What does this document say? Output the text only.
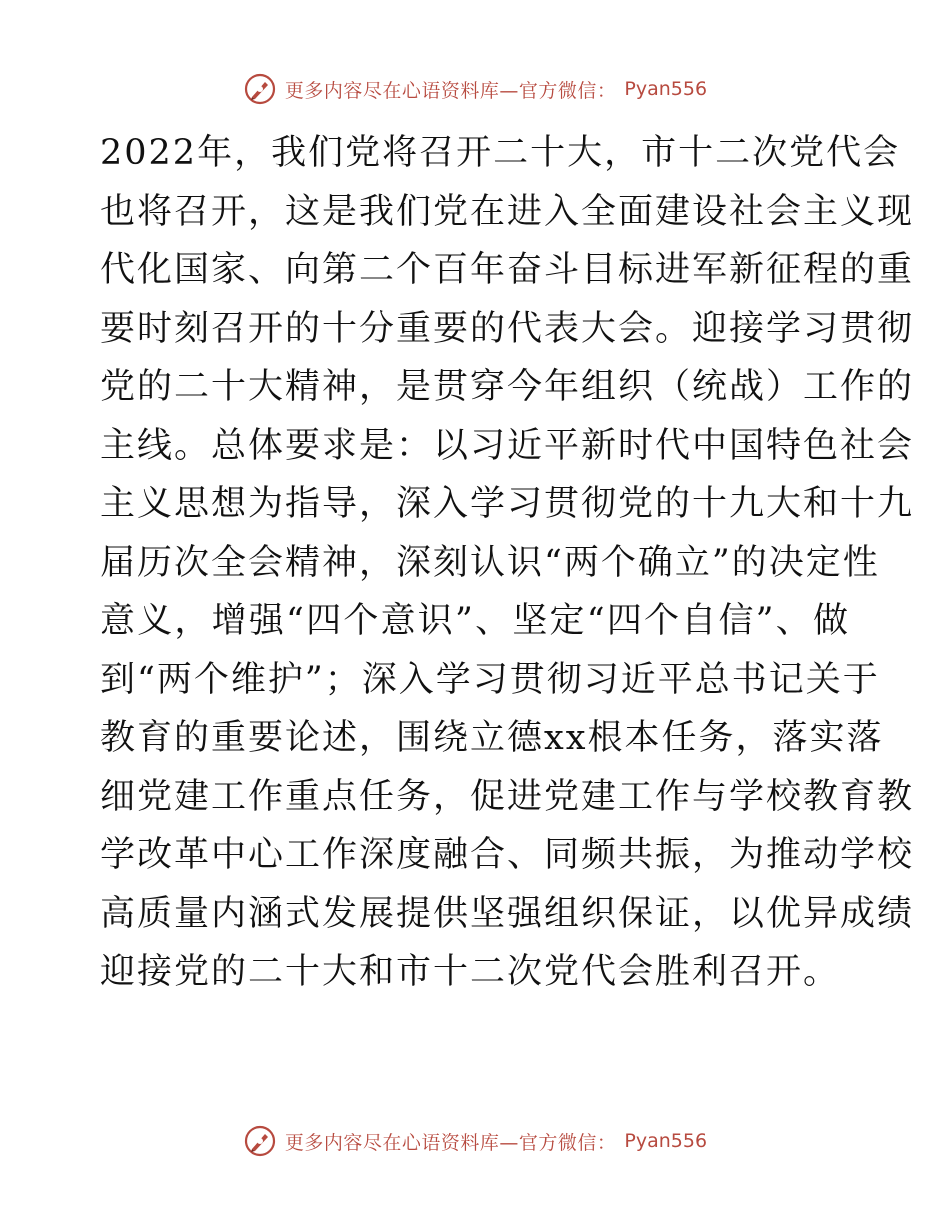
更多内容尽在心语资料库—官方微信： Pyan556
2022年，我们党将召开二十大，市十二次党代会
也将召开，这是我们党在进入全面建设社会主义现
代化国家、向第二个百年奋斗目标进军新征程的重
要时刻召开的十分重要的代表大会。迎接学习贯彻
党的二十大精神，是贯穿今年组织（统战）工作的
主线。总体要求是：以习近平新时代中国特色社会
主义思想为指导，深入学习贯彻党的十九大和十九
届历次全会精神，深刻认识“两个确立”的决定性
意义，增强“四个意识”、坚定“四个自信”、做
到“两个维护”；深入学习贯彻习近平总书记关于
教育的重要论述，围绕立德xx根本任务，落实落
细党建工作重点任务，促进党建工作与学校教育教
学改革中心工作深度融合、同频共振，为推动学校
高质量内涵式发展提供坚强组织保证，以优异成绩
迎接党的二十大和市十二次党代会胜利召开。
更多内容尽在心语资料库—官方微信： Pyan556
